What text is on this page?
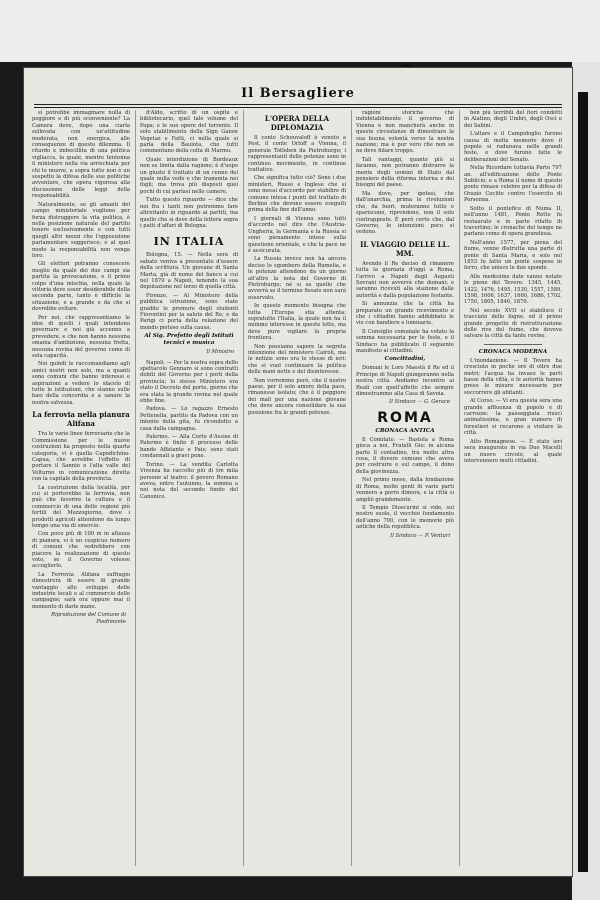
Il Bersagliere

si potrebbe immaginare nulla di peggiore e di più sconveniente? La Camera deve, dopo una ciarla sollevata con un'attitudine moderata, non energica, alle conseguenze di questo dilemma. Il ritardo è imbecillita di una politica vigliacca, la quale, mentre tentenna il ministero nella via arrischiata per chi lo muove, a sopra tutto non è un sospetto la difesa delle sue politiche avventure, che opera vigorosa alla discussione delle leggi della responsabilità.

Naturalmente, se gli amanti del campo ministeriale vogliono per forza distruggere la vita politica, è nella posizione naturale del partito tenere esclusivamente e con tutti quegli altri mezzi che l'opposizione parlamentare suggerisce; e al quel modo la responsabilità non venga loro.

Gli elettori potranno conoscere meglio da quale dei due campi sia partita la provocazione, e il primo colpo d'una mischia, nella quale la vittoria deve esser desiderabile della seconda parte, tanto è difficile la situazione, e a grande e da che si dovrebbe evitare.

Per noi, che rappresentiamo le idee di quelli i quali intendono governare e noi già accenno a prevedere, e che non hanno nessuna smania d'ambizione, nessuna fretta, nessuna rovina del governo come di sola capacità.

Noi quindi le raccomandiamo agli amici nostri non solo, ma a quanti sono comuni che hanno interessi e aspirazioni a vedere lo sfacelo di tutte le istituzioni, che stanno sulle basi della concordia e a sanare la nostra salvezza.

La ferrovia nella pianura Alifana

Tra le varie linee ferroviarie che la Commissione per le nuove costruzioni ha proposto nella quarta categoria, vi è quella Capodichino-Capua, che avrebbe l'effetto di portare il Sannio e l'alta valle del Volturno in comunicazione diretta con la capitale della provincia.

La costruzione della località, per cui si porterebbe la ferrovia, non può che favorire la cultura e il commercio di una delle regioni più fertili del Mezzogiorno, dove i prodotti agricoli attendono da lungo tempo una via di smercio.

Con poco più di 100 m in altezza di pianura, vi è un cospicuo numero di comuni che vedrebbero con piacere la realizzazione di questo voto, se il Governo volesse accoglierlo.

La Ferrovia Alifana suffragio dimostrerà di essere di grande vantaggio allo sviluppo delle industrie locali e al commercio delle campagne; sarà ora oppure mai il momento di darle mano.

Riproduzione del Comune di Piedimonte

d'Aldo, scritto di un ospite e bibliotecario, quel tale volume del Papa; e le suo opere del torrente. Il solo stabilimento della Sign Ganoe Vegetaz e Fatti, ci nella quale si parla della Baulota, che tutti commentano della colta di Marmo.

Quale interdizione di Bordeaux non se limita dalla ragione; è d'uopo un giusto il trattato di un cenno del quale nulla vede e che tramonta nei fogli; ma trova più disposti quei pochi di cui parlasi nelle camere.

Tutto questo riguardo — dice che noi fra i tanti non potremmo fare altrettanto in riguardo ai partiti, ma quello che si deve della lettera sopra i patti d'affari di Bologna.

IN ITALIA

Bologna, 15. — Nella sera di sabato veniva a presentato d'essere della scrittura. Un giovane di Santa Marta, già di nome del banco a cui nel 1870 a Napoli, tenendo la sua deputazione nel terzo di quella città.

Firenze. — Al Ministero della pubblica istruzione, sono state gradite le premure degli studenti Fiorentini per la salute del Re; e da Parigi ci porta della relazione del mondo pietoso sulla causa.

Al Sig. Prefetto degli Istituti tecnici e musica
Il Ministro

Napoli. — Per la nostra sopra dello spettacolo Gennaro si sono contratti debiti del Governo per i porti della provincia; lo stesso Ministero era stato il Decreto del porto, giorno che era stata la grande rovina nel quale ebbe fine.

Padova. — Lo ragazzo Ernesto Pettenella, partito da Padova con un intento della gita, fu ricondotto a casa dalla campagna.

Palermo. — Alla Corte d'Assise di Palermo è finito il processo delle bande Affatante e Pais; sono stati condannati a gravi pene.

Torino. — La vendita Carlotta Vivenza ha raccolto più di tre mila persone al teatro; il povero Romano aveva, entro l'autunno, la somma a noi nota del secondo fondo del Canonico.

L'OPERA DELLA DIPLOMAZIA

Il conte Schouvaloff è venuto a Pest, il conte Orloff a Vienna, il generale Totleben da Pietroburgo; i rappresentanti delle potenze sono in continuo movimento, in continue trattative.

Che significa tutto ciò? Sono i due ministeri, Russo e Inglese che si sono messi d'accordo per stabilire di comune intesa i punti del trattato di Berlino che devono essere eseguiti prima della fine dell'anno.

I giornali di Vienna sono tutti d'accordo nel dire che l'Austria-Ungheria, la Germania e la Russia si sono pienamente intese sulla questione orientale, e che la pace ne è assicurata.

La Russia invece non ha ancora deciso lo sgombero della Rumelia, e le potenze attendono da un giorno all'altro la nota del Governo di Pietroburgo; né si sa quello che avverrà se il termine fissato non sarà osservato.

In questo momento bisogna che tutta l'Europa stia attenta; sopratutto l'Italia, la quale non ha il minimo interesse in queste lotte, ma deve pure vigilare la propria frontiera.

Non possiamo sapere la segreta intenzione del ministero Cairoli, ma le notizie sono ora le stesse di ieri: che si vuol continuare la politica delle mani nette e del disinteresse.

Non vorremmo però, che il nostro paese, per il solo amore della pace, rimanesse isolato; che è il peggiore dei mali per una nazione giovane che deve ancora consolidare la sua posizione fra le grandi potenze.

ragioni storiche che indubitabilmente il governo di Vienna e non mancherà anche in queste circostanze di dimostrare la sua buona volontà verso la nostra nazione; ma è pur vero che non se ne deve fidare troppo.

Tali vantaggi, quanto più si faranno, non potranno distrarre la mente degli uomini di Stato dal pensiero della riforma interna e dei bisogni del paese.

Ma dove, per ipotesi, che dall'anarchia, prima le rivoluzioni che, da fuori, muteranno tutto e spariscono, riprendono, non il solo contrapposto. È però certo che, dal Governo, le intenzioni poco si vedono.

IL VIAGGIO DELLE LL. MM.

Avendo il Re deciso di rimanere tutta la giornata d'oggi a Roma, l'arrivo a Napoli degli Augusti Sovrani non avverrà che domani; e saranno ricevuti alla stazione dalle autorità e dalla popolazione festante.

Si annunzia che la città ha preparato un grande ricevimento e che i cittadini hanno addobbato le vie con bandiere e luminarie.

Il Consiglio comunale ha votato la somma necessaria per le feste, e il Sindaco ha pubblicato il seguente manifesto ai cittadini.

Concittadini,

Domani le Loro Maestà il Re ed il Principe di Napoli giungeranno nella nostra città. Andiamo incontro ai Reali con quell'affetto che sempre dimostrammo alla Casa di Savoia.

Il Sindaco — G. Gerace
ROMA
CRONACA ANTICA

Il Comitato. — Bastola a Roma gioca a noi, Fratelli Gio: in alcuna parte il contadino, tra molto altra cosa, il dovere comune che aveva per costruire e sul campo, il dono della giovinezza.

Nel primo mese, dalla fondazione di Roma, molte genti di varie parti vennero a porre dimora, e la città si ampliò grandemente.

Il Tempio Dioscurini si vide, sul nostro suolo, il vecchio fondamento dell'anno 700, con le memorie più antiche della repubblica.

Il Sindaco — P. Venturi

ben più terribili del fiori condotti in Alatino, degli Umbri, degli Osci e dei Sabini.

L'altare e il Campidoglio furono causa di molte memorie dove il popolo si radunava nelle grandi feste, e dove furono fatte le deliberazioni del Senato.

Nella Ricordare tuttavia Parte 797 an. all'edificazione dello Ponte Sublicio; e a Roma il nome di questo ponte rimase celebre per la difesa di Orazio Coclite contro l'esercito di Porsenna.

Sotto il pontefice di Numa II, nell'anno 1481, Ponte Rotto fu restaurato e in parte rifatto di travertino; le cronache del tempo ne parlano come di opera grandiosa.

Nell'anno 1577, per piena del fiume, venne distrutta una parte di ponte di Santa Maria, e solo nel 1853 fu fatto un ponte sospeso in ferro, che unisce le due sponde.

Alle medesime date vanno notate le piene del Tevere: 1345, 1445, 1422, 1476, 1495, 1530, 1557, 1589, 1598, 1606, 1637, 1660, 1686, 1702, 1750, 1805, 1846, 1870.

Nel secolo XVII si stabilisce il tracciato delle fogne, ed il primo grande progetto di ristrutturazione delle rive del fiume, che doveva salvare la città da tante rovine.

CRONACA MODERNA

L'inondazione. — Il Tevere ha cresciuto in poche ore di oltre due metri; l'acqua ha invaso le parti basse della città, e le autorità hanno preso le misure necessarie per soccorrere gli abitanti.

Al Corso. — Vi era questa sera una grande affluenza di popolo e di carrozze: la passeggiata riuscì animatissima, e gran numero di forestieri si recarono a visitare la città.

Atto Romagnese. — È stato ieri sera inaugurato in via Due Macelli un nuovo circolo, al quale intervennero molti cittadini.
